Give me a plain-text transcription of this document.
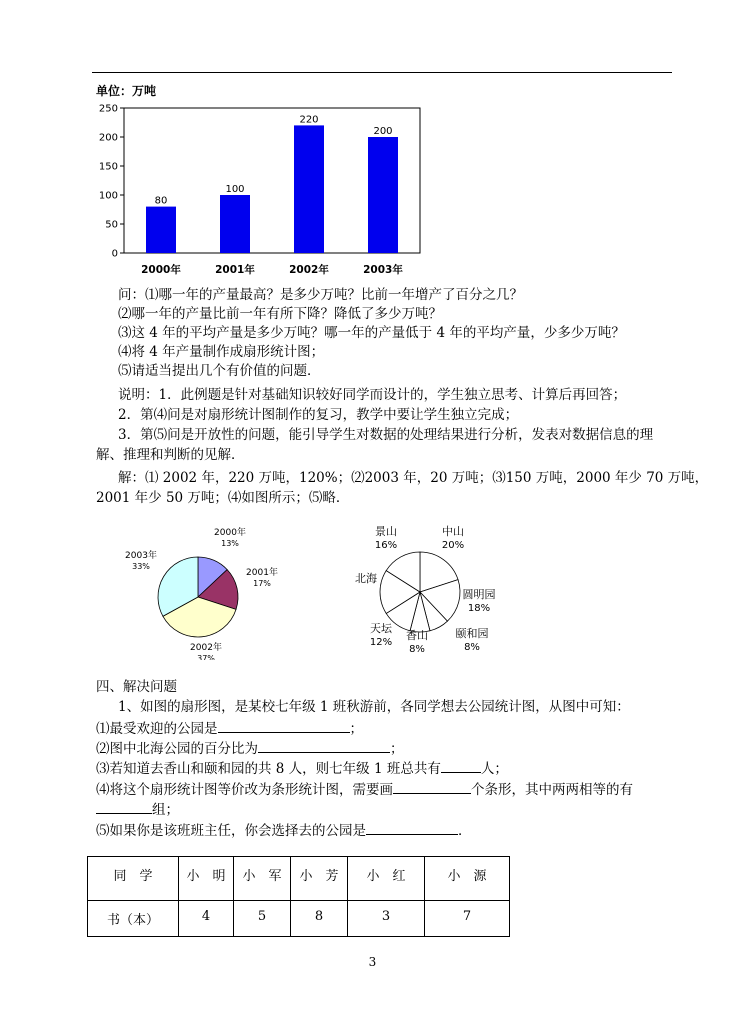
单位：万吨
0
50
100
150
200
250
80
2000年
100
2001年
220
2002年
200
2003年
问：⑴哪一年的产量最高？是多少万吨？比前一年增产了百分之几？
⑵哪一年的产量比前一年有所下降？降低了多少万吨？
⑶这 4 年的平均产量是多少万吨？哪一年的产量低于 4 年的平均产量，少多少万吨？
⑷将 4 年产量制作成扇形统计图；
⑸请适当提出几个有价值的问题．
说明：1．此例题是针对基础知识较好同学而设计的，学生独立思考、计算后再回答；
2．第⑷问是对扇形统计图制作的复习，教学中要让学生独立完成；
3．第⑸问是开放性的问题，能引导学生对数据的处理结果进行分析，发表对数据信息的理
解、推理和判断的见解．
解：⑴ 2002 年，220 万吨，120%；⑵2003 年，20 万吨；⑶150 万吨，2000 年少 70 万吨，
2001 年少 50 万吨；⑷如图所示；⑸略．
2000年
13%
2001年
17%
2002年
37%
2003年
33%
中山
20%
圆明园
18%
颐和园
8%
香山
8%
天坛
12%
北海
景山
16%
四、解决问题
1、如图的扇形图，是某校七年级 1 班秋游前，各同学想去公园统计图，从图中可知：
⑴最受欢迎的公园是	；
⑵图中北海公园的百分比为	；
⑶若知道去香山和颐和园的共 8 人，则七年级 1 班总共有	人；
⑷将这个扇形统计图等价改为条形统计图，需要画	个条形，其中两两相等的有
组；
⑸如果你是该班班主任，你会选择去的公园是	．
同　学	小　明	小　军	小　芳	小　红	小　源
书（本）	4	5	8	3	7
3
